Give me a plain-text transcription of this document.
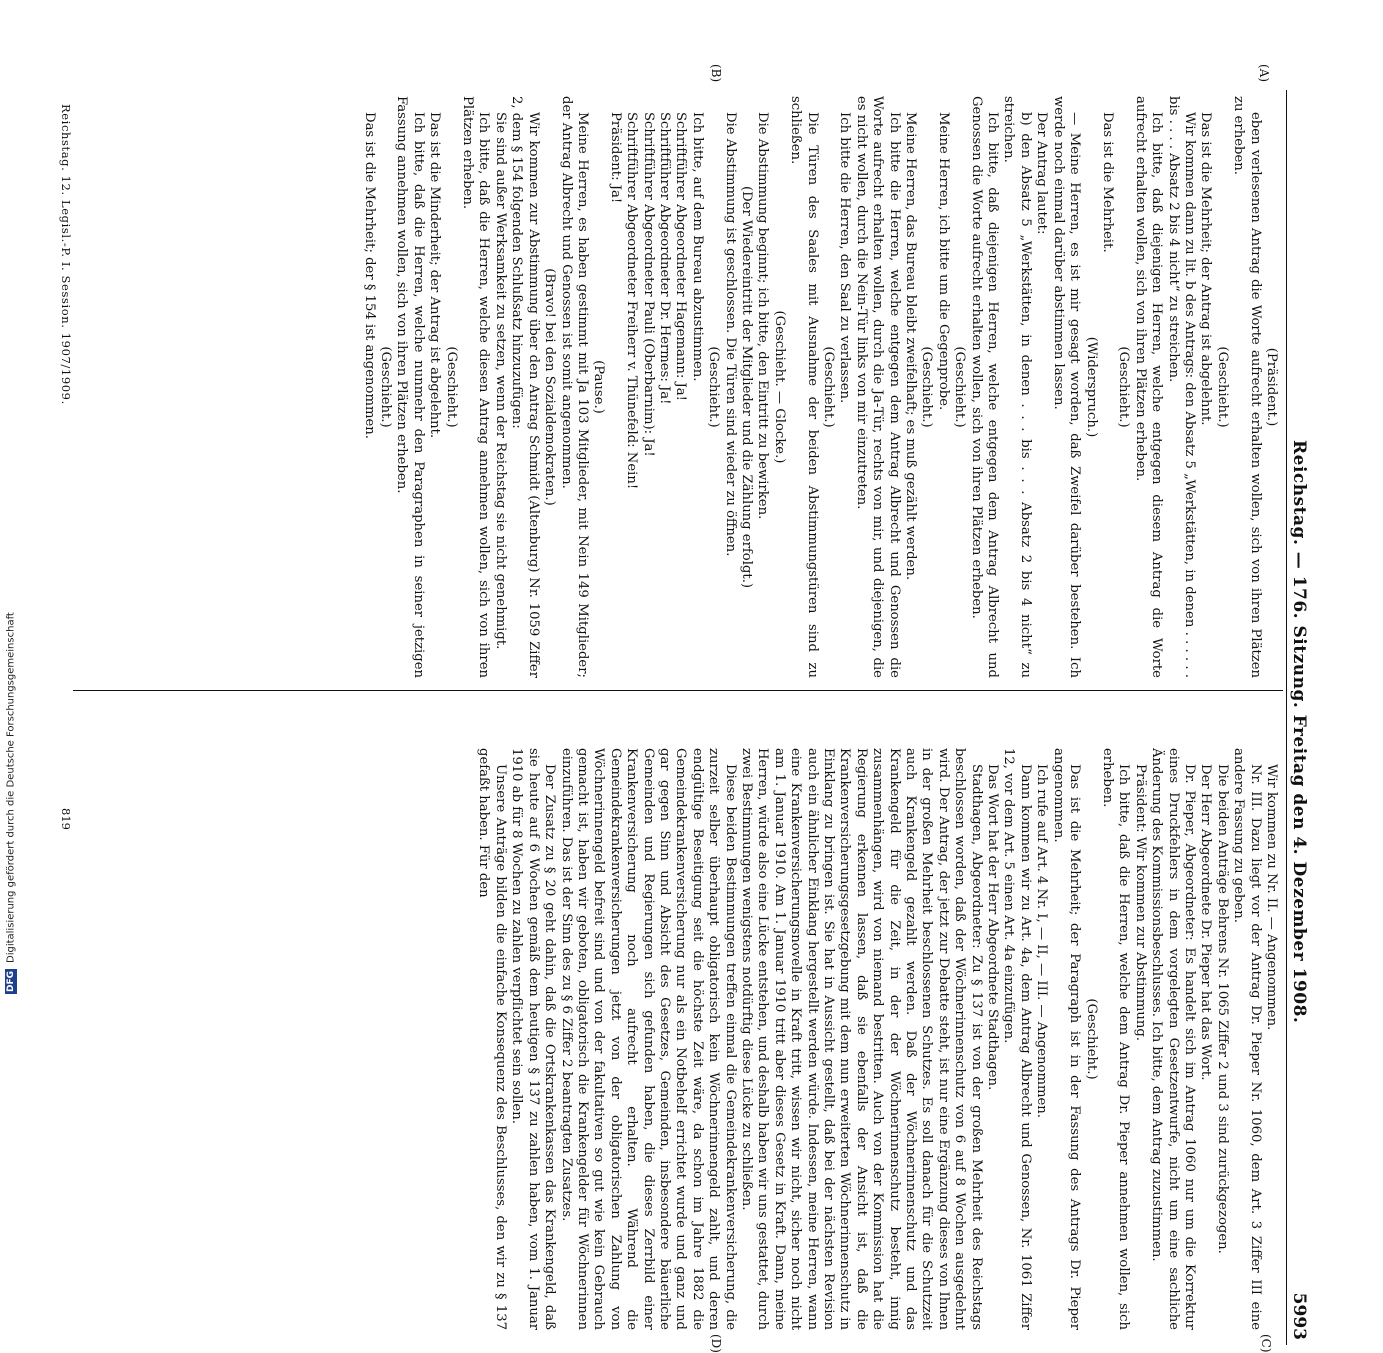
Reichstag. — 176. Sitzung. Freitag den 4. Dezember 1908.
5993
(A)
(B)
(C)
(D)

(Präsident.)

eben verlesenen Antrag die Worte aufrecht erhalten wollen, sich von ihren Plätzen zu erheben.

(Geschieht.)

Das ist die Mehrheit; der Antrag ist abgelehnt.

Wir kommen dann zu lit. b des Antrags: den Absatz 5 „Werkstätten, in denen . . . . . . bis . . . . Absatz 2 bis 4 nicht“ zu streichen.

Ich bitte, daß diejenigen Herren, welche entgegen diesem Antrag die Worte aufrecht erhalten wollen, sich von ihren Plätzen erheben.

(Geschieht.)

Das ist die Mehrheit.

(Widerspruch.)

— Meine Herren, es ist mir gesagt worden, daß Zweifel darüber bestehen. Ich werde noch einmal darüber abstimmen lassen.

Der Antrag lautet:

b) den Absatz 5 „Werkstätten, in denen . . . bis . . . Absatz 2 bis 4 nicht“ zu streichen.

Ich bitte, daß diejenigen Herren, welche entgegen dem Antrag Albrecht und Genossen die Worte aufrecht erhalten wollen, sich von ihren Plätzen erheben.

(Geschieht.)

Meine Herren, ich bitte um die Gegenprobe.

(Geschieht.)

Meine Herren, das Bureau bleibt zweifelhaft; es muß gezählt werden.

Ich bitte die Herren, welche entgegen dem Antrag Albrecht und Genossen die Worte aufrecht erhalten wollen, durch die Ja-Tür, rechts von mir, und diejenigen, die es nicht wollen, durch die Nein-Tür links von mir einzutreten.

Ich bitte die Herren, den Saal zu verlassen.

(Geschieht.)

Die Türen des Saales mit Ausnahme der beiden Abstimmungstüren sind zu schließen.

(Geschieht. — Glocke.)

Die Abstimmung beginnt; ich bitte, den Eintritt zu bewirken.

(Der Wiedereintritt der Mitglieder und die Zählung erfolgt.)

Die Abstimmung ist geschlossen. Die Türen sind wieder zu öffnen.

(Geschieht.)

Ich bitte, auf dem Bureau abzustimmen.

Schriftführer Abgeordneter Hagemann: Ja!

Schriftführer Abgeordneter Dr. Hermes: Ja!

Schriftführer Abgeordneter Pauli (Oberbarnim): Ja!

Schriftführer Abgeordneter Freiherr v. Thünefeld: Nein!

Präsident: Ja!

(Pause.)

Meine Herren, es haben gestimmt mit Ja 103 Mitglieder, mit Nein 149 Mitglieder; der Antrag Albrecht und Genossen ist somit angenommen.

(Bravo! bei den Sozialdemokraten.)

Wir kommen zur Abstimmung über den Antrag Schmidt (Altenburg) Nr. 1059 Ziffer 2, dem § 154 folgenden Schlußsatz hinzuzufügen:

Sie sind außer Werksamkeit zu setzen, wenn der Reichstag sie nicht genehmigt.

Ich bitte, daß die Herren, welche diesen Antrag annehmen wollen, sich von ihren Plätzen erheben.

(Geschieht.)

Das ist die Minderheit; der Antrag ist abgelehnt.

Ich bitte, daß die Herren, welche nunmehr den Paragraphen in seiner jetzigen Fassung annehmen wollen, sich von ihren Plätzen erheben.

(Geschieht.)

Das ist die Mehrheit; der § 154 ist angenommen.

Wir kommen zu Nr. II. — Angenommen.

Nr. III. Dazu liegt vor der Antrag Dr. Pieper Nr. 1060, dem Art. 3 Ziffer III eine andere Fassung zu geben.

Die beiden Anträge Behrens Nr. 1065 Ziffer 2 und 3 sind zurückgezogen.

Der Herr Abgeordnete Dr. Pieper hat das Wort.

Dr. Pieper, Abgeordneter: Es handelt sich im Antrag 1060 nur um die Korrektur eines Druckfehlers in dem vorgelegten Gesetzentwurfe, nicht um eine sachliche Änderung des Kommissionsbeschlusses. Ich bitte, dem Antrag zuzustimmen.

Präsident: Wir kommen zur Abstimmung.

Ich bitte, daß die Herren, welche dem Antrag Dr. Pieper annehmen wollen, sich erheben.

(Geschieht.)

Das ist die Mehrheit; der Paragraph ist in der Fassung des Antrags Dr. Pieper angenommen.

Ich rufe auf Art. 4 Nr. I, — II, — III. — Angenommen.

Dann kommen wir zu Art. 4a, dem Antrag Albrecht und Genossen, Nr. 1061 Ziffer 12, vor dem Art. 5 einen Art. 4a einzufügen.

Das Wort hat der Herr Abgeordnete Stadthagen.

Stadthagen, Abgeordneter: Zu § 137 ist von der großen Mehrheit des Reichstags beschlossen worden, daß der Wöchnerinnenschutz von 6 auf 8 Wochen ausgedehnt wird. Der Antrag, der jetzt zur Debatte steht, ist nur eine Ergänzung dieses von Ihnen in der großen Mehrheit beschlossenen Schutzes. Es soll danach für die Schutzzeit auch Krankengeld gezahlt werden. Daß der Wöchnerinnenschutz und das Krankengeld für die Zeit, in der der Wöchnerinnenschutz besteht, innig zusammenhängen, wird von niemand bestritten. Auch von der Kommission hat die Regierung erkennen lassen, daß sie ebenfalls der Ansicht ist, daß die Krankenversicherungsgesetzgebung mit dem nun erweiterten Wöchnerinnenschutz in Einklang zu bringen ist. Sie hat in Aussicht gestellt, daß bei der nächsten Revision auch ein ähnlicher Einklang hergestellt werden würde. Indessen, meine Herren, wann eine Krankenversicherungsnovelle in Kraft tritt, wissen wir nicht, sicher noch nicht am 1. Januar 1910. Am 1. Januar 1910 tritt aber dieses Gesetz in Kraft. Dann, meine Herren, würde also eine Lücke entstehen, und deshalb haben wir uns gestattet, durch zwei Bestimmungen wenigstens notdürftig diese Lücke zu schließen.

Diese beiden Bestimmungen treffen einmal die Gemeindekrankenversicherung, die zurzeit selber überhaupt obligatorisch kein Wöchnerinnengeld zahlt, und deren endgültige Beseitigung seit die höchste Zeit wäre, da schon im Jahre 1882 die Gemeindekrankenversicherung nur als ein Notbehelf errichtet wurde und ganz und gar gegen Sinn und Absicht des Gesetzes, Gemeinden, insbesondere bäuerliche Gemeinden und Regierungen sich gefunden haben, die dieses Zerrbild einer Krankenversicherung noch aufrecht erhalten. Während die Gemeindekrankenversicherungen jetzt von der obligatorischen Zahlung von Wöchnerinnengeld befreit sind und von der fakultativen so gut wie kein Gebrauch gemacht ist, haben wir geboten, obligatorisch die Krankengelder für Wöchnerinnen einzuführen. Das ist der Sinn des zu § 6 Ziffer 2 beantragten Zusatzes.

Der Zusatz zu § 20 geht dahin, daß die Ortskrankenkassen das Krankengeld, daß sie heute auf 6 Wochen gemäß dem heutigen § 137 zu zahlen haben, vom 1. Januar 1910 ab für 8 Wochen zu zahlen verpflichtet sein sollen.

Unsere Anträge bilden die einfache Konsequenz des Beschlusses, den wir zu § 137 gefaßt haben. Für den

Reichstag. 12. Legisl.-P. I. Session. 1907/1909.
819
DFG
Digitalisierung gefördert durch die Deutsche Forschungsgemeinschaft
